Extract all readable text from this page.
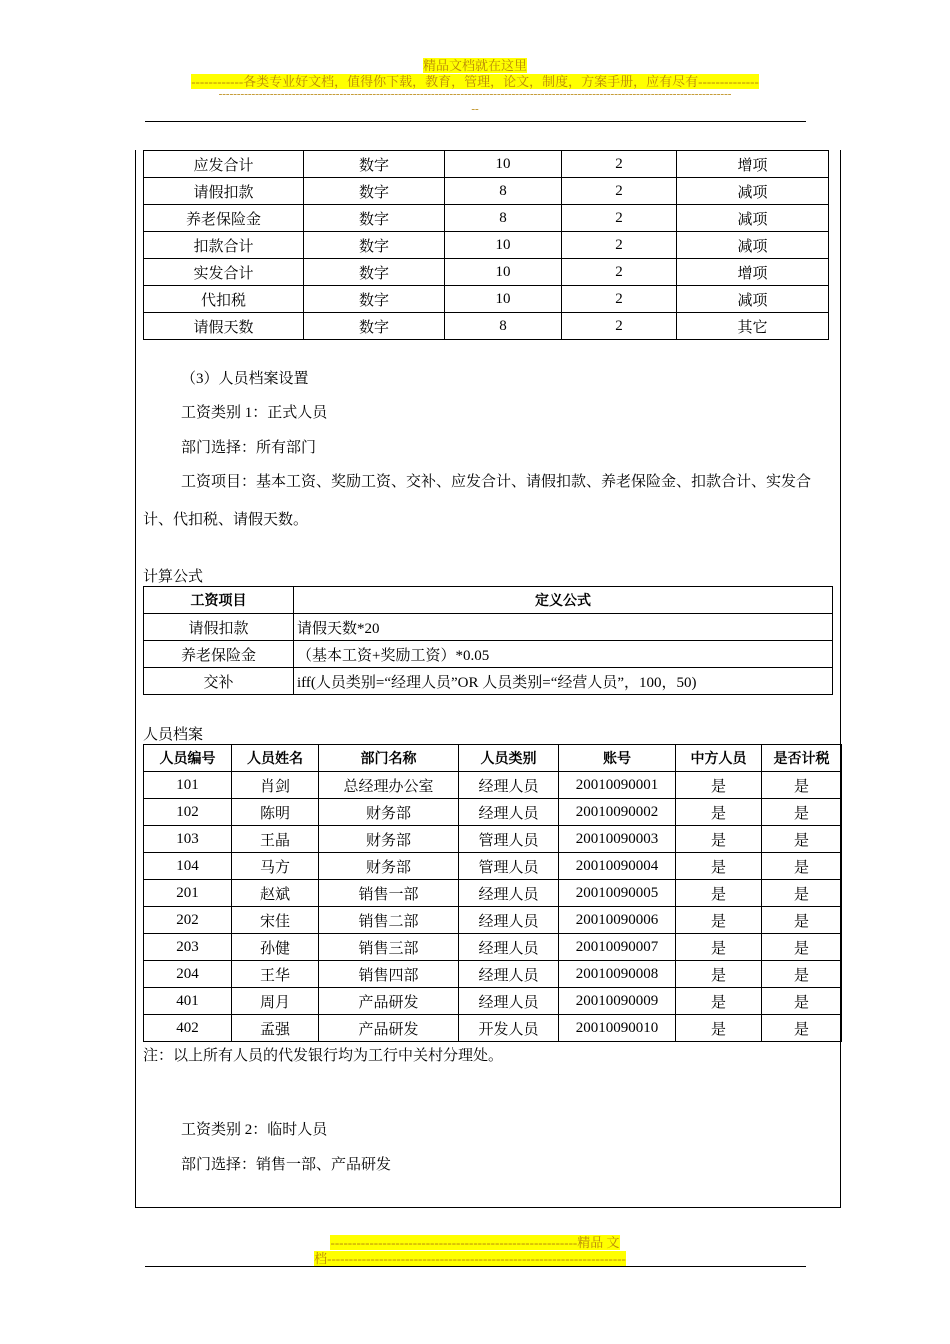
精品文档就在这里
------------各类专业好文档，值得你下载，教育，管理，论文，制度，方案手册，应有尽有--------------
--------------------------------------------------------------------------------------------------------------------------------------------
--
应发合计	数字	10	2	增项
请假扣款	数字	8	2	减项
养老保险金	数字	8	2	减项
扣款合计	数字	10	2	减项
实发合计	数字	10	2	增项
代扣税	数字	10	2	减项
请假天数	数字	8	2	其它
（3）人员档案设置
工资类别 1：正式人员
部门选择：所有部门
工资项目：基本工资、奖励工资、交补、应发合计、请假扣款、养老保险金、扣款合计、实发合
计、代扣税、请假天数。
计算公式
工资项目	定义公式
请假扣款	请假天数*20
养老保险金	（基本工资+奖励工资）*0.05
交补	iff(人员类别=“经理人员”OR 人员类别=“经营人员”，100，50)
人员档案
人员编号	人员姓名	部门名称	人员类别	账号	中方人员	是否计税
101	肖剑	总经理办公室	经理人员	20010090001	是	是
102	陈明	财务部	经理人员	20010090002	是	是
103	王晶	财务部	管理人员	20010090003	是	是
104	马方	财务部	管理人员	20010090004	是	是
201	赵斌	销售一部	经理人员	20010090005	是	是
202	宋佳	销售二部	经理人员	20010090006	是	是
203	孙健	销售三部	经理人员	20010090007	是	是
204	王华	销售四部	经理人员	20010090008	是	是
401	周月	产品研发	经理人员	20010090009	是	是
402	孟强	产品研发	开发人员	20010090010	是	是
注：以上所有人员的代发银行均为工行中关村分理处。
工资类别 2：临时人员
部门选择：销售一部、产品研发
---------------------------------------------------------精品 文
档---------------------------------------------------------------------
